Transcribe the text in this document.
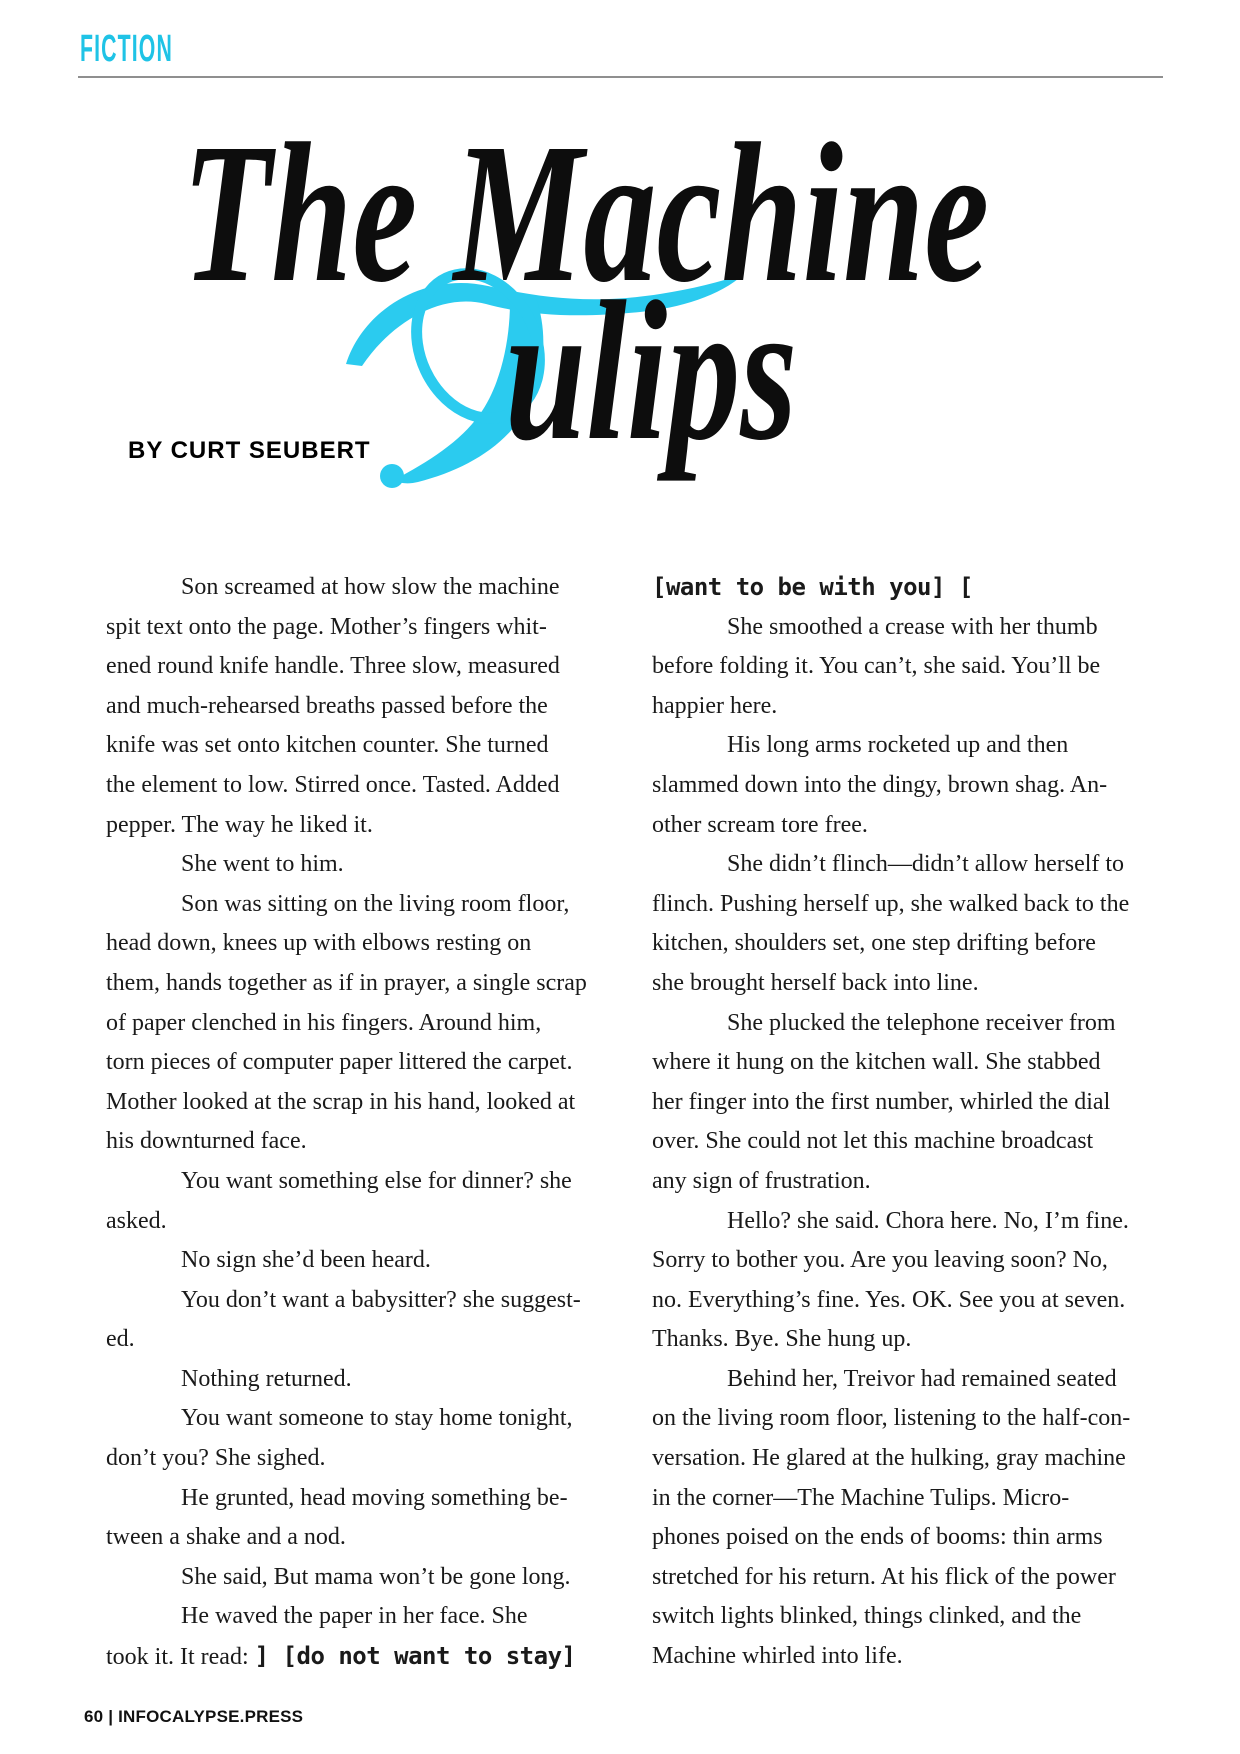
FICTION
The Machine
ulips
BY CURT SEUBERT
Son screamed at how slow the machine
spit text onto the page. Mother’s fingers whit-
ened round knife handle. Three slow, measured
and much-rehearsed breaths passed before the
knife was set onto kitchen counter. She turned
the element to low. Stirred once. Tasted. Added
pepper. The way he liked it.
She went to him.
Son was sitting on the living room floor,
head down, knees up with elbows resting on
them, hands together as if in prayer, a single scrap
of paper clenched in his fingers. Around him,
torn pieces of computer paper littered the carpet.
Mother looked at the scrap in his hand, looked at
his downturned face.
You want something else for dinner? she
asked.
No sign she’d been heard.
You don’t want a babysitter? she suggest-
ed.
Nothing returned.
You want someone to stay home tonight,
don’t you? She sighed.
He grunted, head moving something be-
tween a shake and a nod.
She said, But mama won’t be gone long.
He waved the paper in her face. She
took it. It read: ] [do not want to stay]
[want to be with you] [
She smoothed a crease with her thumb
before folding it. You can’t, she said. You’ll be
happier here.
His long arms rocketed up and then
slammed down into the dingy, brown shag. An-
other scream tore free.
She didn’t flinch—didn’t allow herself to
flinch. Pushing herself up, she walked back to the
kitchen, shoulders set, one step drifting before
she brought herself back into line.
She plucked the telephone receiver from
where it hung on the kitchen wall. She stabbed
her finger into the first number, whirled the dial
over. She could not let this machine broadcast
any sign of frustration.
Hello? she said. Chora here. No, I’m fine.
Sorry to bother you. Are you leaving soon? No,
no. Everything’s fine. Yes. OK. See you at seven.
Thanks. Bye. She hung up.
Behind her, Treivor had remained seated
on the living room floor, listening to the half-con-
versation. He glared at the hulking, gray machine
in the corner—The Machine Tulips. Micro-
phones poised on the ends of booms: thin arms
stretched for his return. At his flick of the power
switch lights blinked, things clinked, and the
Machine whirled into life.
60 | INFOCALYPSE.PRESS
